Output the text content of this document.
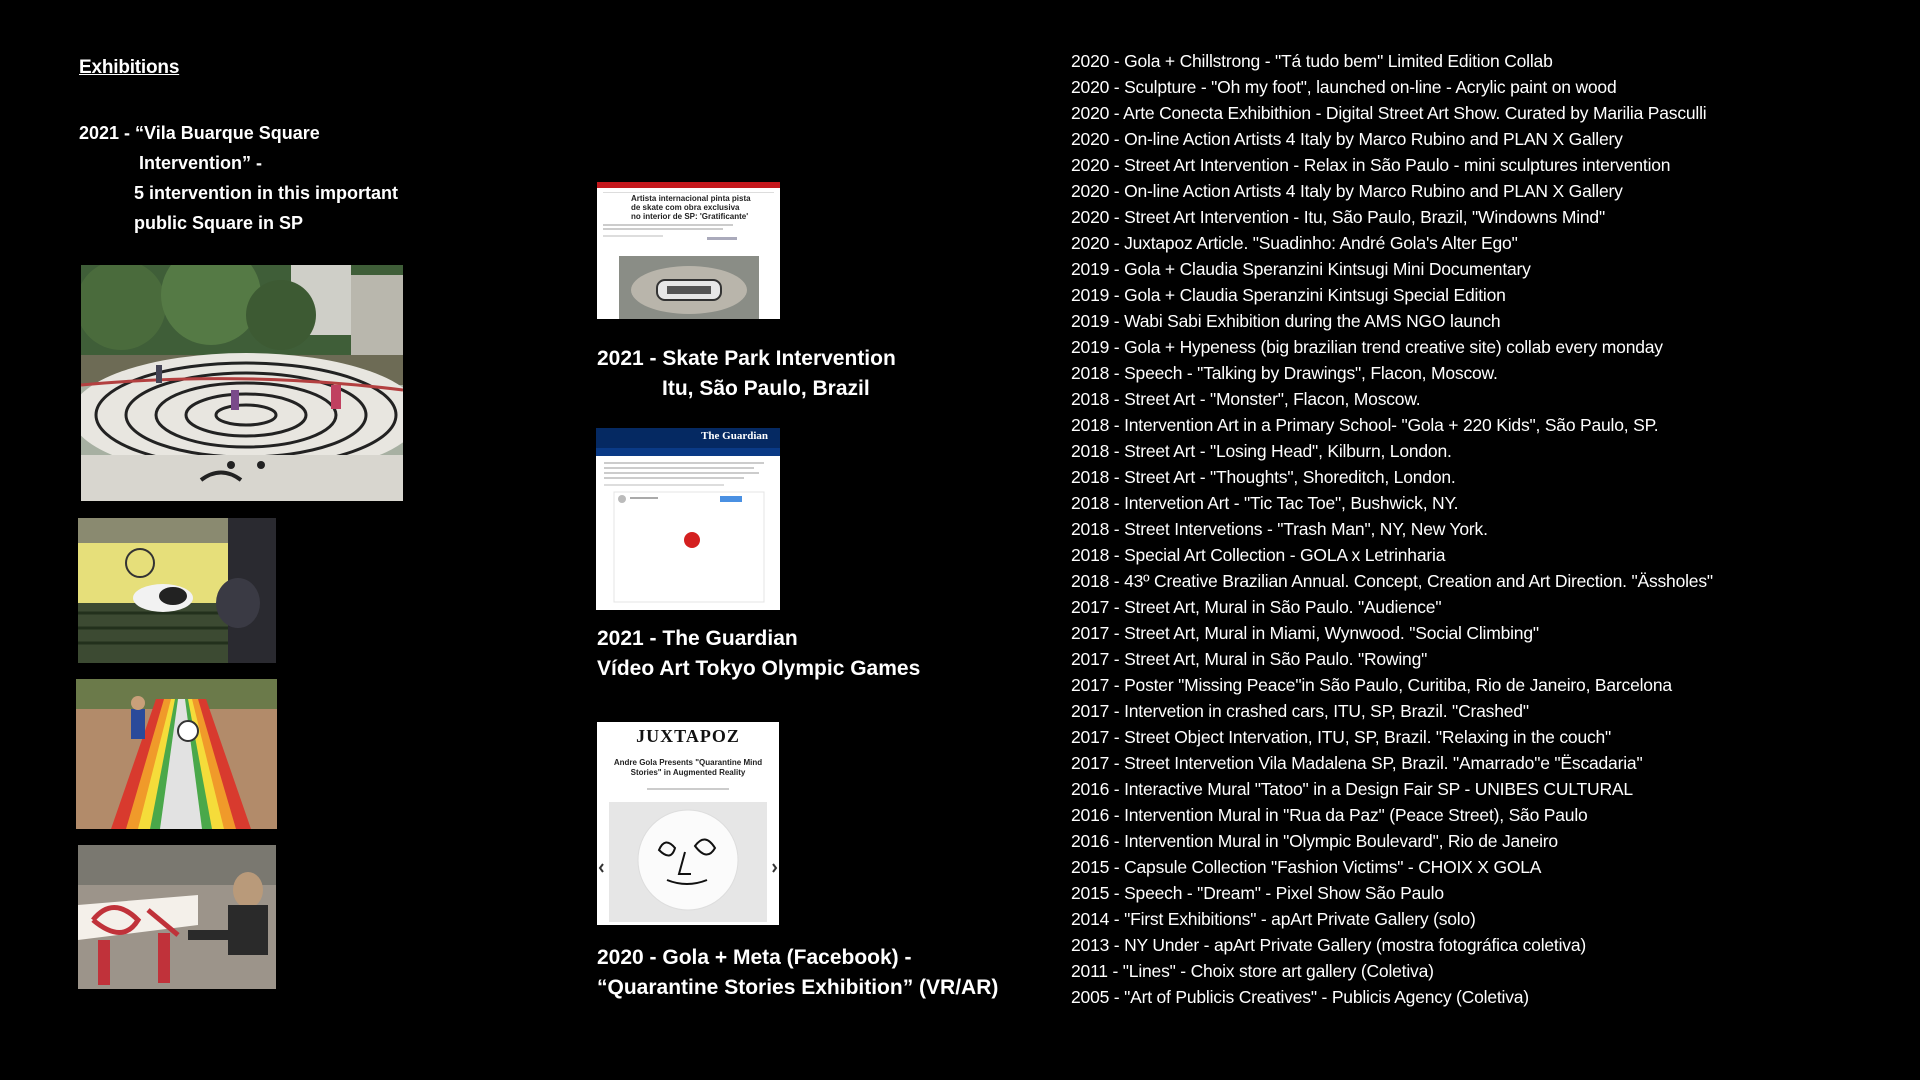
Exhibitions
2021 - “Vila Buarque Square
Intervention” -
5 intervention in this important
public Square in SP
Artista internacional pinta pista de skate com obra exclusiva no interior de SP: 'Gratificante'
2021 - Skate Park Intervention
Itu, São Paulo, Brazil
The Guardian
2021 - The Guardian
Vídeo Art Tokyo Olympic Games
JUXTAPOZ
Andre Gola Presents "Quarantine Mind Stories" in Augmented Reality
2020 - Gola + Meta (Facebook) -
“Quarantine Stories Exhibition” (VR/AR)
2020 - Gola + Chillstrong - "Tá tudo bem" Limited Edition Collab
2020 - Sculpture - "Oh my foot", launched on-line - Acrylic paint on wood
2020 - Arte Conecta Exhibithion - Digital Street Art Show. Curated by Marilia Pasculli
2020 - On-line Action Artists 4 Italy by Marco Rubino and PLAN X Gallery
2020 - Street Art Intervention - Relax in São Paulo - mini sculptures intervention
2020 - On-line Action Artists 4 Italy by Marco Rubino and PLAN X Gallery
2020 - Street Art Intervention - Itu, São Paulo, Brazil, "Windowns Mind"
2020 - Juxtapoz Article. "Suadinho: André Gola's Alter Ego"
2019 - Gola + Claudia Speranzini Kintsugi Mini Documentary
2019 - Gola + Claudia Speranzini Kintsugi Special Edition
2019 - Wabi Sabi Exhibition during the AMS NGO launch
2019 - Gola + Hypeness (big brazilian trend creative site) collab every monday
2018 - Speech - "Talking by Drawings", Flacon, Moscow.
2018 - Street Art - "Monster", Flacon, Moscow.
2018 - Intervention Art in a Primary School- "Gola + 220 Kids", São Paulo, SP.
2018 - Street Art - "Losing Head", Kilburn, London.
2018 - Street Art - "Thoughts", Shoreditch, London.
2018 - Intervetion Art - "Tic Tac Toe", Bushwick, NY.
2018 - Street Intervetions - "Trash Man", NY, New York.
2018 - Special Art Collection - GOLA x Letrinharia
2018 - 43º Creative Brazilian Annual. Concept, Creation and Art Direction. "Ässholes"
2017 - Street Art, Mural in São Paulo. "Audience"
2017 - Street Art, Mural in Miami, Wynwood. "Social Climbing"
2017 - Street Art, Mural in São Paulo. "Rowing"
2017 - Poster "Missing Peace"in São Paulo, Curitiba, Rio de Janeiro, Barcelona
2017 - Intervetion in crashed cars, ITU, SP, Brazil. "Crashed"
2017 - Street Object Intervation, ITU, SP, Brazil. "Relaxing in the couch"
2017 - Street Intervetion Vila Madalena SP, Brazil. "Amarrado"e "Ëscadaria"
2016 - Interactive Mural "Tatoo" in a Design Fair SP - UNIBES CULTURAL
2016 - Intervention Mural in "Rua da Paz" (Peace Street), São Paulo
2016 - Intervention Mural in "Olympic Boulevard", Rio de Janeiro
2015 - Capsule Collection "Fashion Victims" - CHOIX X GOLA
2015 - Speech - "Dream" - Pixel Show São Paulo
2014 - "First Exhibitions" - apArt Private Gallery (solo)
2013 - NY Under - apArt Private Gallery (mostra fotográfica coletiva)
2011 - "Lines" - Choix store art gallery (Coletiva)
2005 - "Art of Publicis Creatives" - Publicis Agency (Coletiva)
